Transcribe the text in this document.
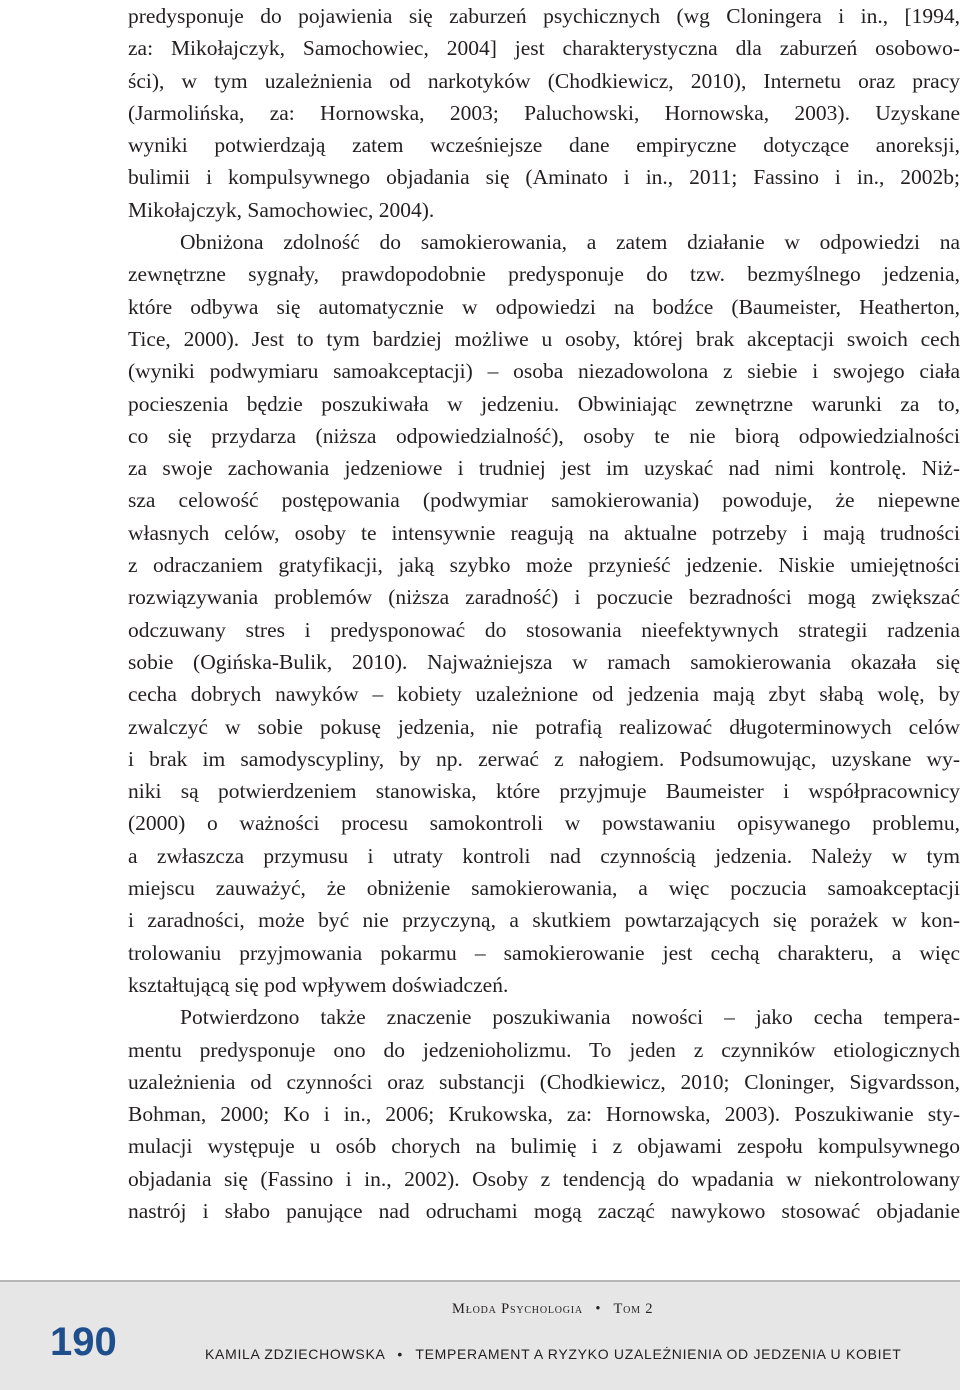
predysponuje do pojawienia się zaburzeń psychicznych (wg Cloningera i in., [1994,
za: Mikołajczyk, Samochowiec, 2004] jest charakterystyczna dla zaburzeń osobowo-
ści), w tym uzależnienia od narkotyków (Chodkiewicz, 2010), Internetu oraz pracy
(Jarmolińska, za: Hornowska, 2003; Paluchowski, Hornowska, 2003). Uzyskane
wyniki potwierdzają zatem wcześniejsze dane empiryczne dotyczące anoreksji,
bulimii i kompulsywnego objadania się (Aminato i in., 2011; Fassino i in., 2002b;
Mikołajczyk, Samochowiec, 2004).
Obniżona zdolność do samokierowania, a zatem działanie w odpowiedzi na
zewnętrzne sygnały, prawdopodobnie predysponuje do tzw. bezmyślnego jedzenia,
które odbywa się automatycznie w odpowiedzi na bodźce (Baumeister, Heatherton,
Tice, 2000). Jest to tym bardziej możliwe u osoby, której brak akceptacji swoich cech
(wyniki podwymiaru samoakceptacji) – osoba niezadowolona z siebie i swojego ciała
pocieszenia będzie poszukiwała w jedzeniu. Obwiniając zewnętrzne warunki za to,
co się przydarza (niższa odpowiedzialność), osoby te nie biorą odpowiedzialności
za swoje zachowania jedzeniowe i trudniej jest im uzyskać nad nimi kontrolę. Niż-
sza celowość postępowania (podwymiar samokierowania) powoduje, że niepewne
własnych celów, osoby te intensywnie reagują na aktualne potrzeby i mają trudności
z odraczaniem gratyfikacji, jaką szybko może przynieść jedzenie. Niskie umiejętności
rozwiązywania problemów (niższa zaradność) i poczucie bezradności mogą zwiększać
odczuwany stres i predysponować do stosowania nieefektywnych strategii radzenia
sobie (Ogińska-Bulik, 2010). Najważniejsza w ramach samokierowania okazała się
cecha dobrych nawyków – kobiety uzależnione od jedzenia mają zbyt słabą wolę, by
zwalczyć w sobie pokusę jedzenia, nie potrafią realizować długoterminowych celów
i brak im samodyscypliny, by np. zerwać z nałogiem. Podsumowując, uzyskane wy-
niki są potwierdzeniem stanowiska, które przyjmuje Baumeister i współpracownicy
(2000) o ważności procesu samokontroli w powstawaniu opisywanego problemu,
a zwłaszcza przymusu i utraty kontroli nad czynnością jedzenia. Należy w tym
miejscu zauważyć, że obniżenie samokierowania, a więc poczucia samoakceptacji
i zaradności, może być nie przyczyną, a skutkiem powtarzających się porażek w kon-
trolowaniu przyjmowania pokarmu – samokierowanie jest cechą charakteru, a więc
kształtującą się pod wpływem doświadczeń.
Potwierdzono także znaczenie poszukiwania nowości – jako cecha tempera-
mentu predysponuje ono do jedzenioholizmu. To jeden z czynników etiologicznych
uzależnienia od czynności oraz substancji (Chodkiewicz, 2010; Cloninger, Sigvardsson,
Bohman, 2000; Ko i in., 2006; Krukowska, za: Hornowska, 2003). Poszukiwanie sty-
mulacji występuje u osób chorych na bulimię i z objawami zespołu kompulsywnego
objadania się (Fassino i in., 2002). Osoby z tendencją do wpadania w niekontrolowany
nastrój i słabo panujące nad odruchami mogą zacząć nawykowo stosować objadanie
190
Młoda Psychologia • Tom 2
KAMILA ZDZIECHOWSKA • TEMPERAMENT A RYZYKO UZALEŻNIENIA OD JEDZENIA U KOBIET
